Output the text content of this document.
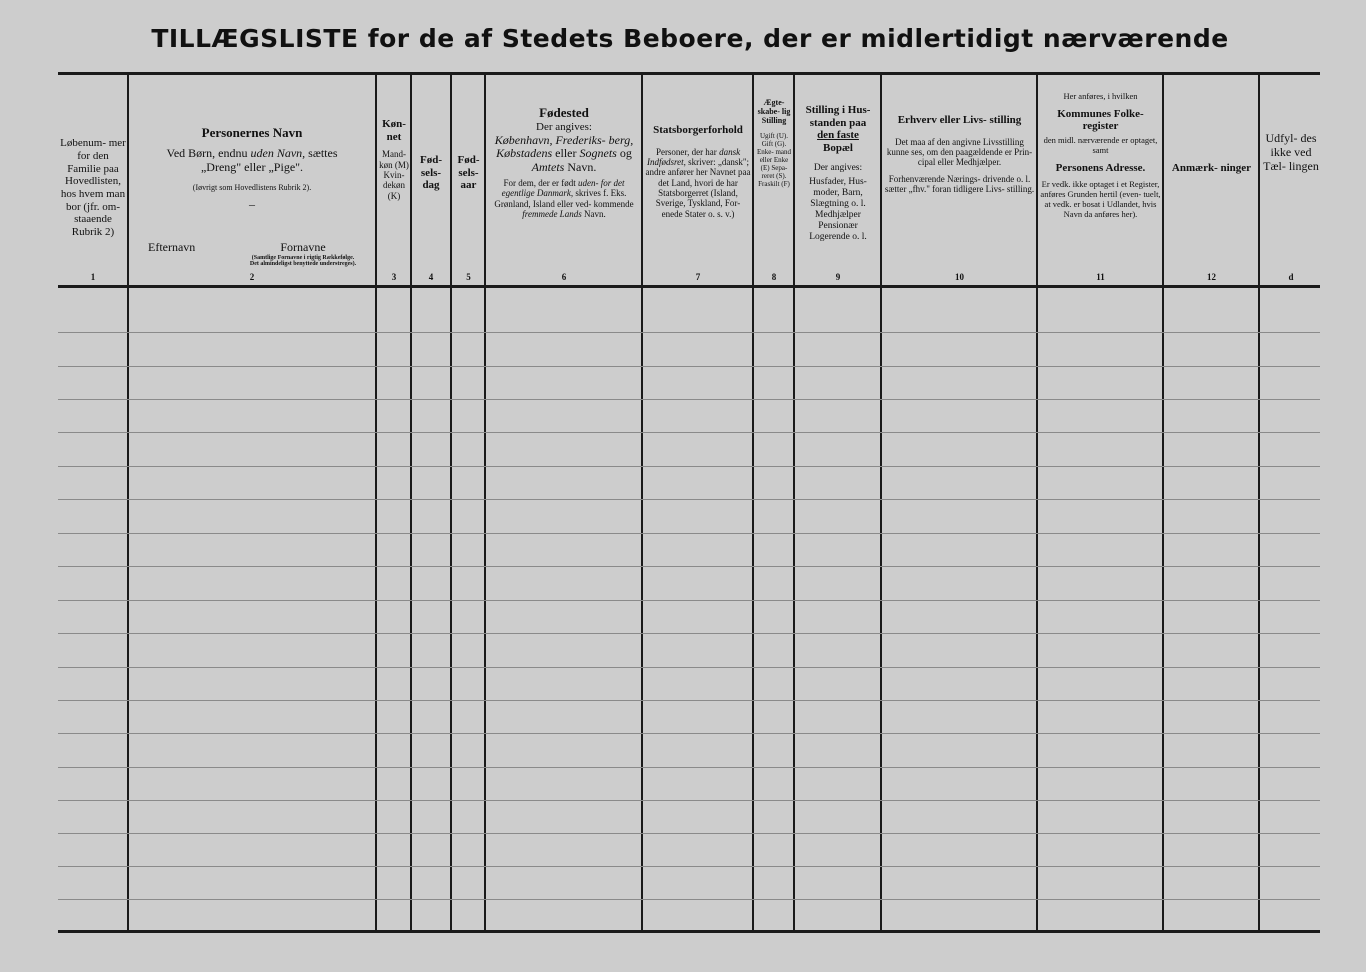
TILLÆGSLISTE for de af Stedets Beboere, der er midlertidigt nærværende
Løbenum- mer for den Familie paa Hovedlisten, hos hvem man bor (jfr. om- staaende Rubrik 2)
1
Personernes Navn
Ved Børn, endnu uden Navn, sættes
„Dreng" eller „Pige".
(Iøvrigt som Hovedlistens Rubrik 2).
–
Efternavn	Fornavne
(Samtlige Fornavne i rigtig Rækkefølge. Det almindeligst benyttede understreges).
2
Køn- net
Mand- køn (M) Kvin- dekøn (K)
3
Fød- sels- dag
4
Fød- sels- aar
5
Fødested
Der angives:
København, Frederiks- berg, Købstadens eller Sognets og Amtets Navn.
For dem, der er født uden- for det egentlige Danmark, skrives f. Eks. Grønland, Island eller ved- kommende fremmede Lands Navn.
6
Statsborgerforhold
Personer, der har dansk Indfødsret, skriver: „dansk"; andre anfører her Navnet paa det Land, hvori de har Statsborgerret (Island, Sverige, Tyskland, For- enede Stater o. s. v.)
7
Ægte- skabe- lig Stilling
Ugift (U). Gift (G). Enke- mand eller Enke (E) Sepa- reret (S). Fraskilt (F)
8
Stilling i Hus- standen paa
den faste
Bopæl
Der angives:
Husfader, Hus- moder, Barn, Slægtning o. l. Medhjælper Pensionær Logerende o. l.
9
Erhverv eller Livs- stilling
Det maa af den angivne Livsstilling kunne ses, om den paagældende er Prin- cipal eller Medhjælper.
Forhenværende Nærings- drivende o. l. sætter „fhv." foran tidligere Livs- stilling.
10
Her anføres, i hvilken
Kommunes Folke- register
den midl. nærværende er optaget, samt
Personens Adresse.
Er vedk. ikke optaget i et Register, anføres Grunden hertil (even- tuelt, at vedk. er bosat i Udlandet, hvis Navn da anføres her).
11
Anmærk- ninger
12
Udfyl- des ikke ved Tæl- lingen
d
